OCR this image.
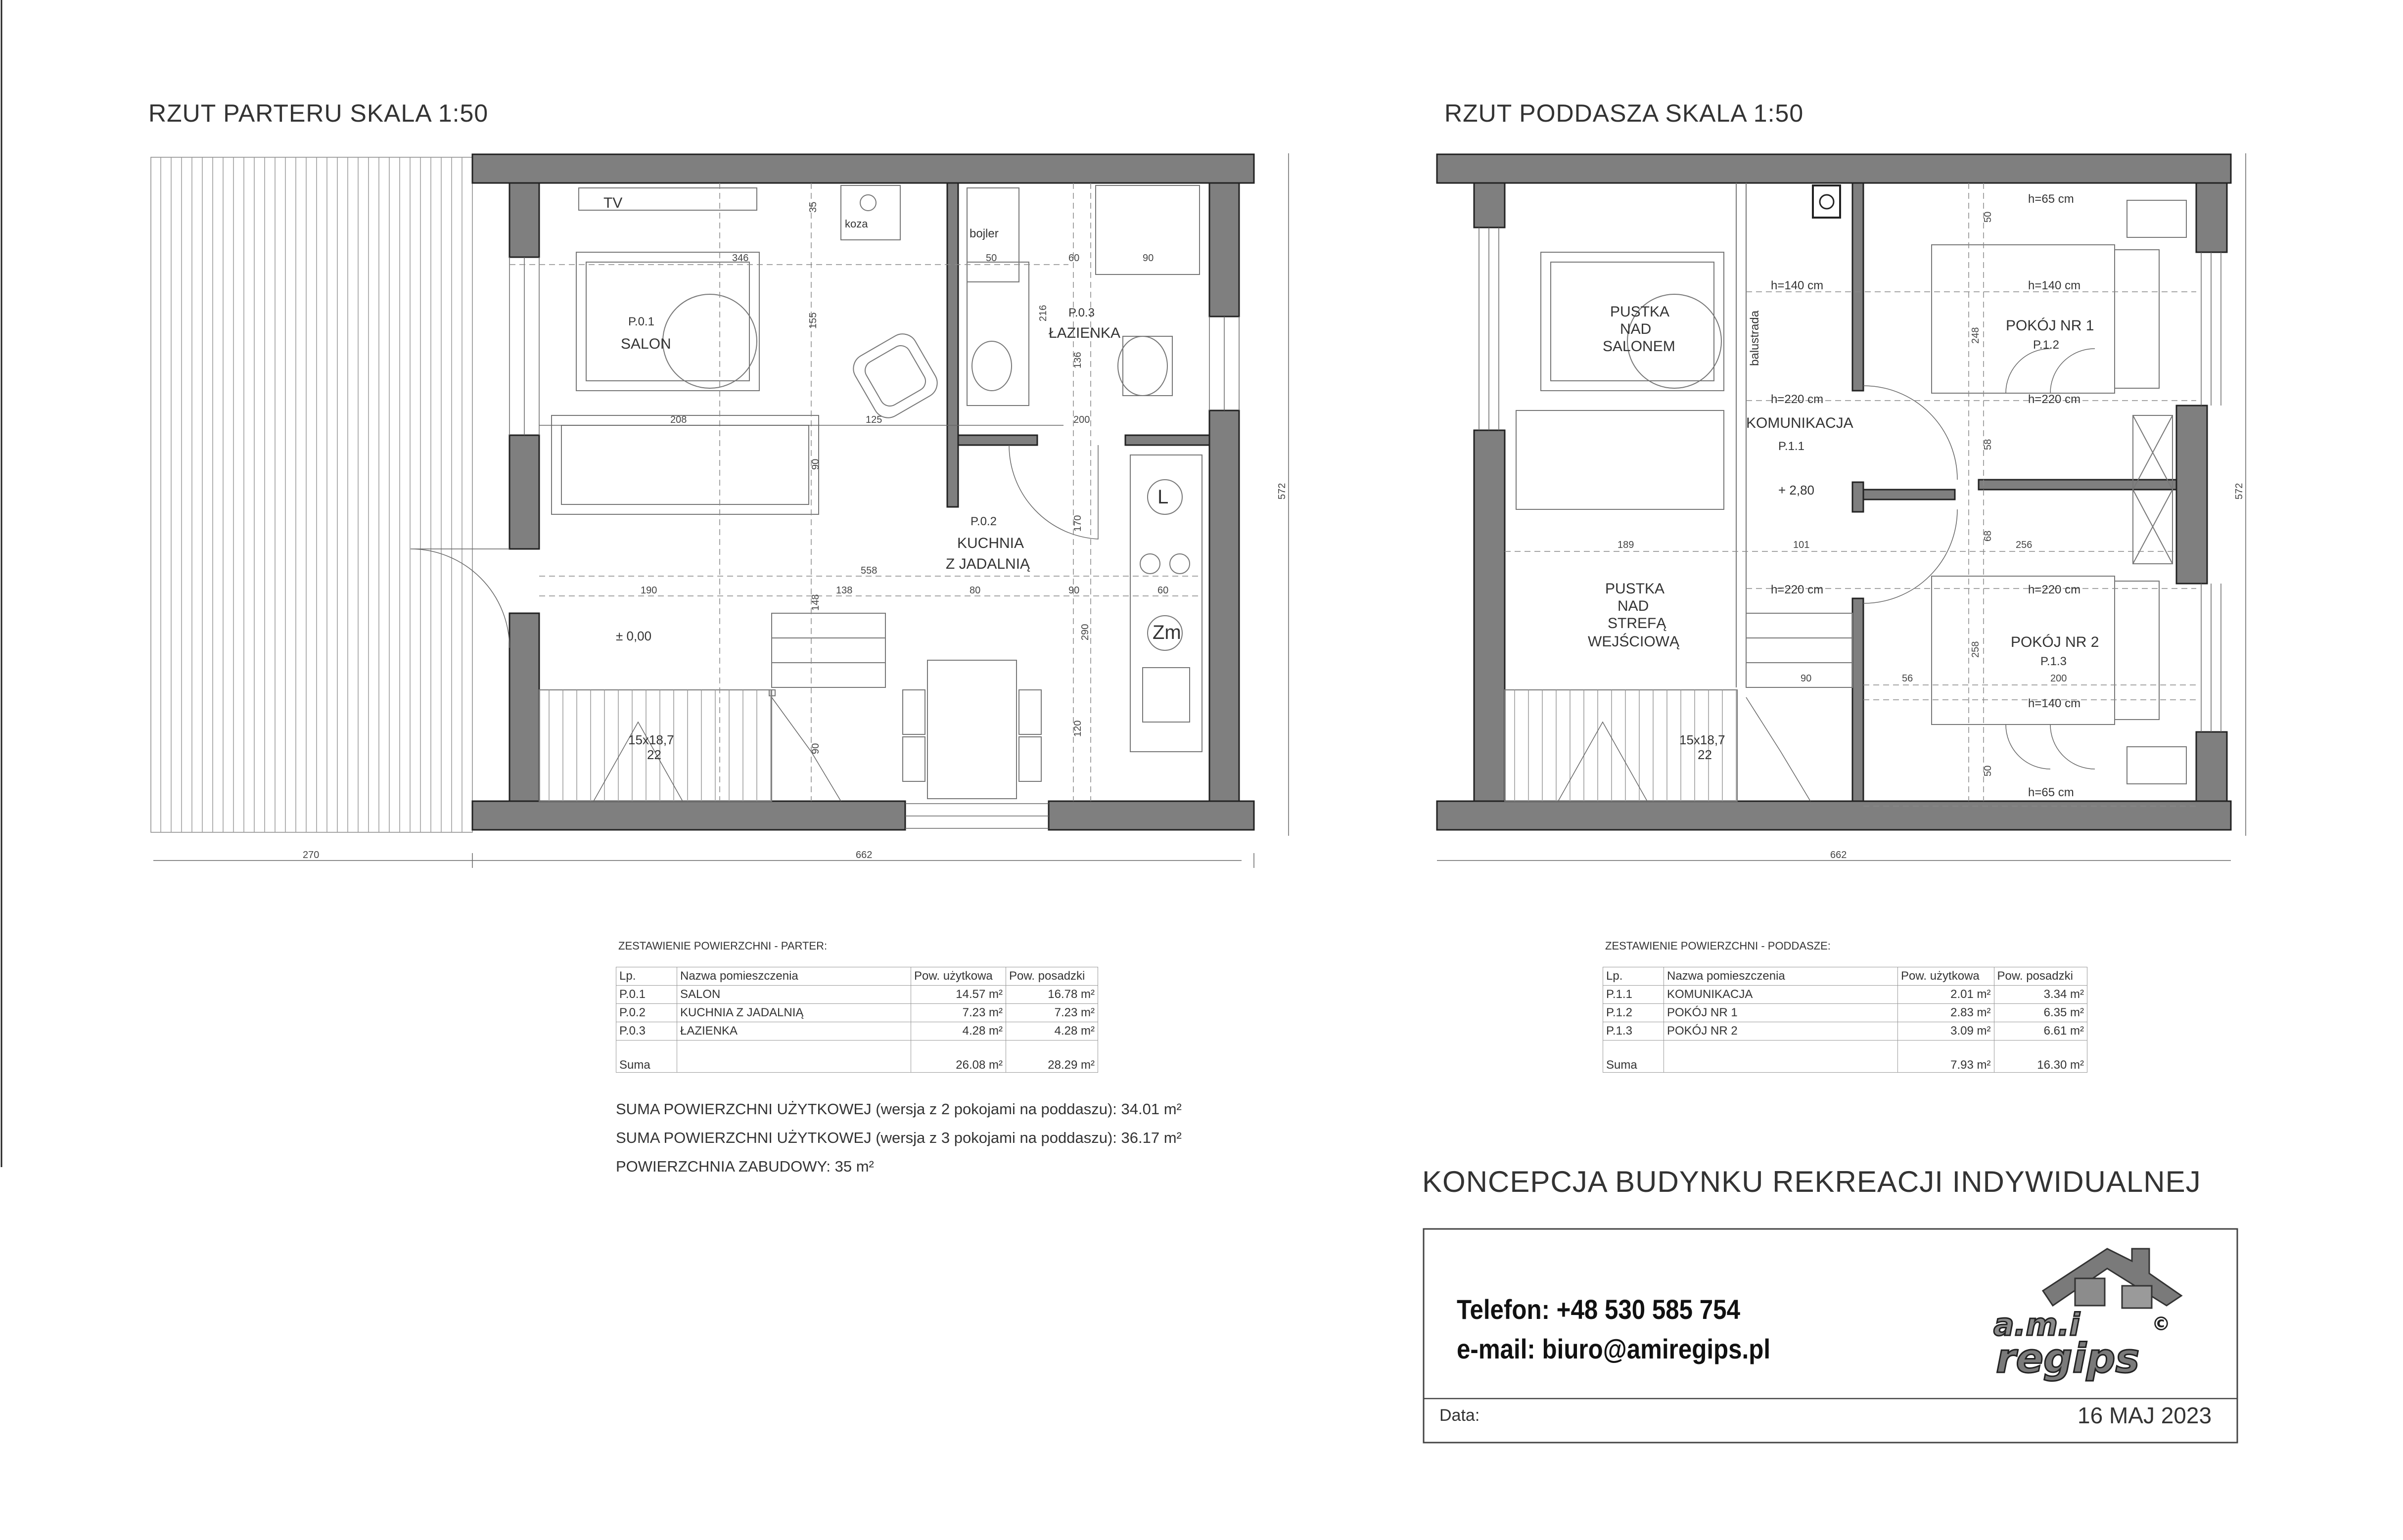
TV
koza
bojler
P.0.1
SALON
P.0.3
ŁAZIENKA
P.0.2
KUCHNIA
Z JADALNIĄ
± 0,00
15x18,7
22
L
Zm
346
35
155
50	60	90
216
136
208	125	200
90
558
190	138	80	90	60
148
170
290
120
90
270	662
572
PUSTKA
NAD
SALONEM
KOMUNIKACJA
P.1.1
POKÓJ NR 1
P.1.2
POKÓJ NR 2
P.1.3
PUSTKA
NAD
STREFĄ
WEJŚCIOWĄ
h=65 cm
h=140 cm	h=140 cm
h=220 cm	h=220 cm
h=220 cm	h=220 cm
h=140 cm
h=65 cm
balustrada
+ 2,80
15x18,7
22
189	101	256
90	56	200
50
248
58
68
258
50
662
572
a.m.i
regips
©
RZUT PARTERU SKALA 1:50	RZUT PODDASZA SKALA 1:50
ZESTAWIENIE POWIERZCHNI - PARTER:
Lp.	Nazwa pomieszczenia	Pow. użytkowa	Pow. posadzki
P.0.1	SALON	14.57 m²	16.78 m²
P.0.2	KUCHNIA Z JADALNIĄ	7.23 m²	7.23 m²
P.0.3	ŁAZIENKA	4.28 m²	4.28 m²
Suma		26.08 m²	28.29 m²
ZESTAWIENIE POWIERZCHNI - PODDASZE:
Lp.	Nazwa pomieszczenia	Pow. użytkowa	Pow. posadzki
P.1.1	KOMUNIKACJA	2.01 m²	3.34 m²
P.1.2	POKÓJ NR 1	2.83 m²	6.35 m²
P.1.3	POKÓJ NR 2	3.09 m²	6.61 m²
Suma		7.93 m²	16.30 m²
SUMA POWIERZCHNI UŻYTKOWEJ (wersja z 2 pokojami na poddaszu): 34.01 m²
SUMA POWIERZCHNI UŻYTKOWEJ (wersja z 3 pokojami na poddaszu): 36.17 m²
POWIERZCHNIA ZABUDOWY: 35 m²	KONCEPCJA BUDYNKU REKREACJI INDYWIDUALNEJ
Telefon: +48 530 585 754
e-mail: biuro@amiregips.pl
Data:	16 MAJ 2023
